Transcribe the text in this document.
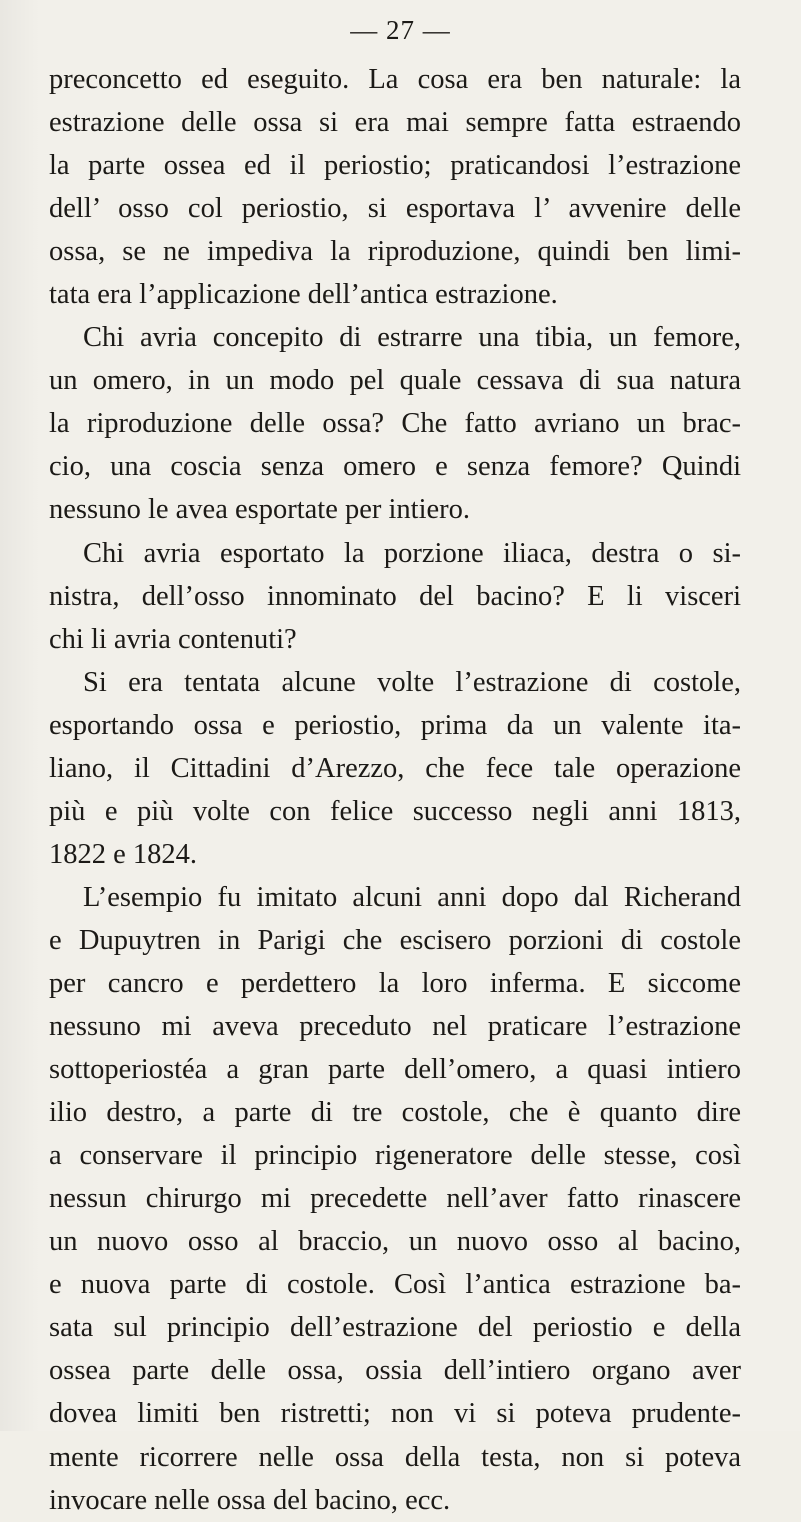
— 27 —
preconcetto ed eseguito. La cosa era ben naturale: la
estrazione delle ossa si era mai sempre fatta estraendo
la parte ossea ed il periostio; praticandosi l’estrazione
dell’ osso col periostio, si esportava l’ avvenire delle
ossa, se ne impediva la riproduzione, quindi ben limi-
tata era l’applicazione dell’antica estrazione.
Chi avria concepito di estrarre una tibia, un femore,
un omero, in un modo pel quale cessava di sua natura
la riproduzione delle ossa? Che fatto avriano un brac-
cio, una coscia senza omero e senza femore? Quindi
nessuno le avea esportate per intiero.
Chi avria esportato la porzione iliaca, destra o si-
nistra, dell’osso innominato del bacino? E li visceri
chi li avria contenuti?
Si era tentata alcune volte l’estrazione di costole,
esportando ossa e periostio, prima da un valente ita-
liano, il Cittadini d’Arezzo, che fece tale operazione
più e più volte con felice successo negli anni 1813,
1822 e 1824.
L’esempio fu imitato alcuni anni dopo dal Richerand
e Dupuytren in Parigi che escisero porzioni di costole
per cancro e perdettero la loro inferma. E siccome
nessuno mi aveva preceduto nel praticare l’estrazione
sottoperiostéa a gran parte dell’omero, a quasi intiero
ilio destro, a parte di tre costole, che è quanto dire
a conservare il principio rigeneratore delle stesse, così
nessun chirurgo mi precedette nell’aver fatto rinascere
un nuovo osso al braccio, un nuovo osso al bacino,
e nuova parte di costole. Così l’antica estrazione ba-
sata sul principio dell’estrazione del periostio e della
ossea parte delle ossa, ossia dell’intiero organo aver
dovea limiti ben ristretti; non vi si poteva prudente-
mente ricorrere nelle ossa della testa, non si poteva
invocare nelle ossa del bacino, ecc.
